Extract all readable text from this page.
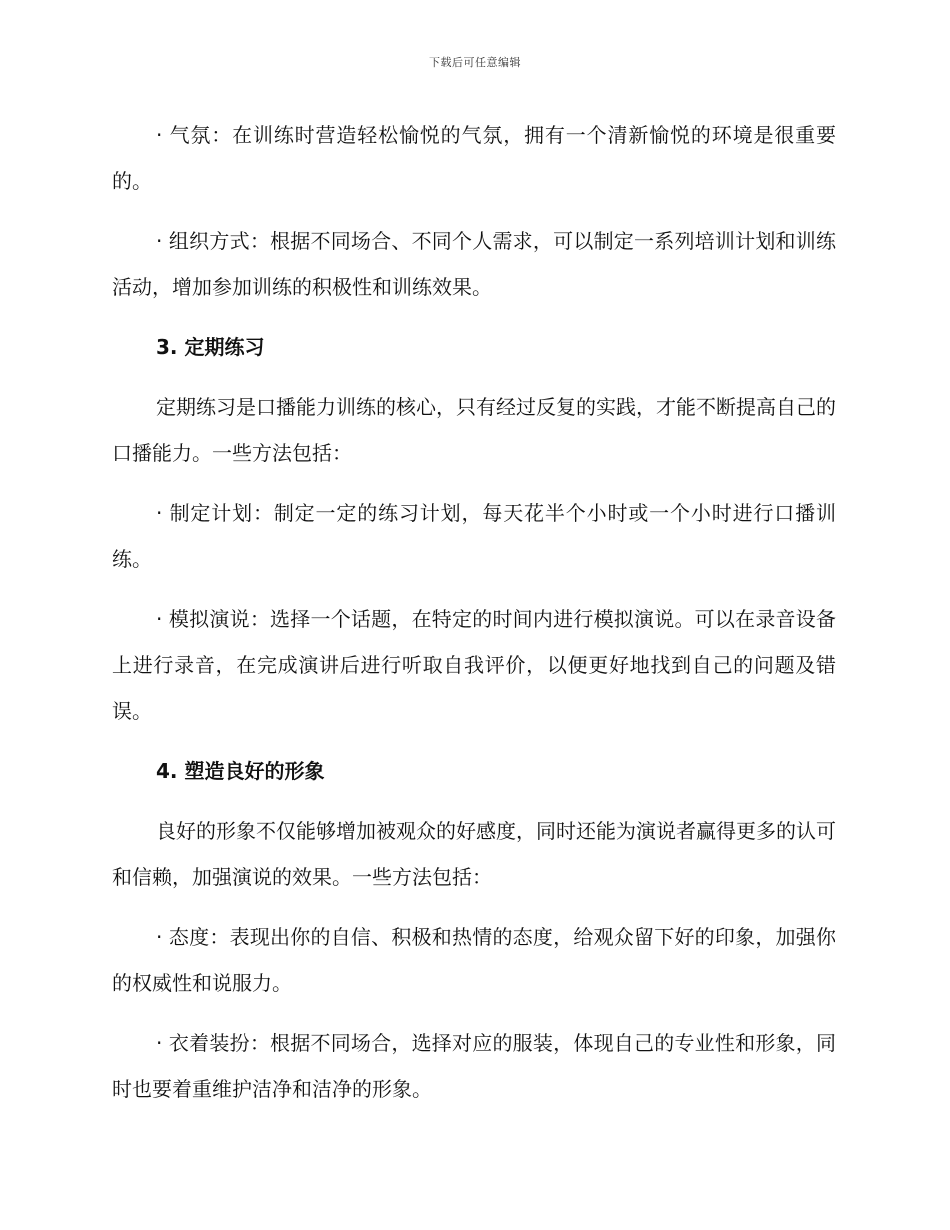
下载后可任意编辑

· 气氛：在训练时营造轻松愉悦的气氛，拥有一个清新愉悦的环境是很重要的。

· 组织方式：根据不同场合、不同个人需求，可以制定一系列培训计划和训练活动，增加参加训练的积极性和训练效果。

3. 定期练习

定期练习是口播能力训练的核心，只有经过反复的实践，才能不断提高自己的口播能力。一些方法包括：

· 制定计划：制定一定的练习计划，每天花半个小时或一个小时进行口播训练。

· 模拟演说：选择一个话题，在特定的时间内进行模拟演说。可以在录音设备上进行录音，在完成演讲后进行听取自我评价，以便更好地找到自己的问题及错误。

4. 塑造良好的形象

良好的形象不仅能够增加被观众的好感度，同时还能为演说者赢得更多的认可和信赖，加强演说的效果。一些方法包括：

· 态度：表现出你的自信、积极和热情的态度，给观众留下好的印象，加强你的权威性和说服力。

· 衣着装扮：根据不同场合，选择对应的服装，体现自己的专业性和形象，同时也要着重维护洁净和洁净的形象。
